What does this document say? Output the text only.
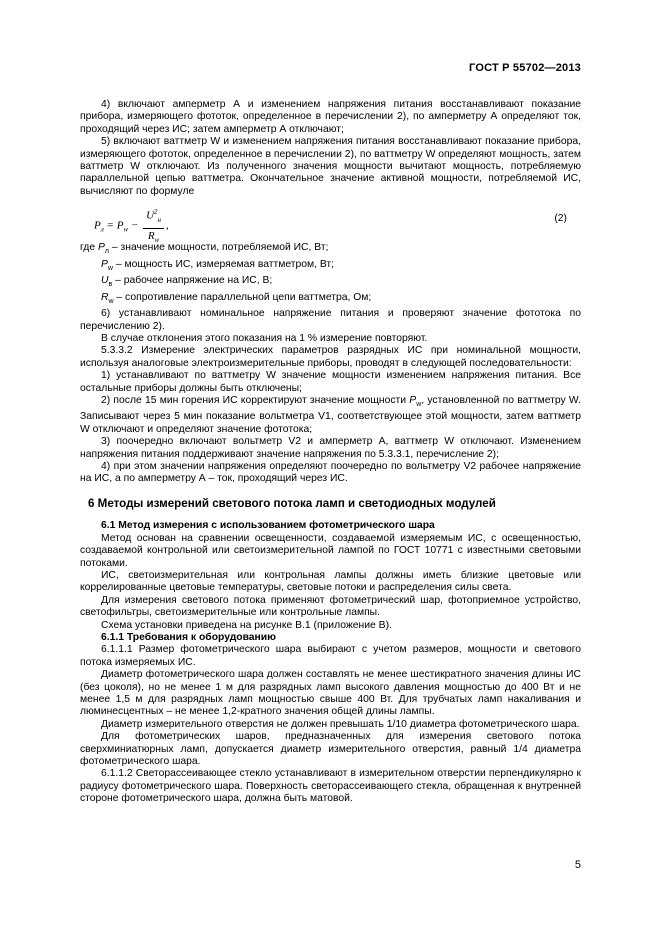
ГОСТ Р 55702—2013

4) включают амперметр А и изменением напряжения питания восстанавливают показание прибора, измеряющего фототок, определенное в перечислении 2), по амперметру А определяют ток, проходящий через ИС; затем амперметр А отключают;

5) включают ваттметр W и изменением напряжения питания восстанавливают показание прибора, измеряющего фототок, определенное в перечислении 2), по ваттметру W определяют мощность, затем ваттметр W отключают. Из полученного значения мощности вычитают мощность, потребляемую параллельной цепью ваттметра. Окончательное значение активной мощности, потребляемой ИС, вычисляют по формуле

$P_л = P_w - \frac{U^2_н}{R_w}$ ,
(2)

где $P_л$ – значение мощности, потребляемой ИС, Вт;

$P_w$ – мощность ИС, измеряемая ваттметром, Вт;

$U_в$ – рабочее напряжение на ИС, В;

$R_w$ – сопротивление параллельной цепи ваттметра, Ом;

6) устанавливают номинальное напряжение питания и проверяют значение фототока по перечислению 2).

В случае отклонения этого показания на 1 % измерение повторяют.

5.3.3.2 Измерение электрических параметров разрядных ИС при номинальной мощности, используя аналоговые электроизмерительные приборы, проводят в следующей последовательности:

1) устанавливают по ваттметру W значение мощности изменением напряжения питания. Все остальные приборы должны быть отключены;

2) после 15 мин горения ИС корректируют значение мощности $P_w$, установленной по ваттметру W. Записывают через 5 мин показание вольтметра V1, соответствующее этой мощности, затем ваттметр W отключают и определяют значение фототока;

3) поочередно включают вольтметр V2 и амперметр А, ваттметр W отключают. Изменением напряжения питания поддерживают значение напряжения по 5.3.3.1, перечисление 2);

4) при этом значении напряжения определяют поочередно по вольтметру V2 рабочее напряжение на ИС, а по амперметру А – ток, проходящий через ИС.

6 Методы измерений светового потока ламп и светодиодных модулей

6.1 Метод измерения с использованием фотометрического шара

Метод основан на сравнении освещенности, создаваемой измеряемым ИС, с освещенностью, создаваемой контрольной или светоизмерительной лампой по ГОСТ 10771 с известными световыми потоками.

ИС, светоизмерительная или контрольная лампы должны иметь близкие цветовые или коррелированные цветовые температуры, световые потоки и распределения силы света.

Для измерения светового потока применяют фотометрический шар, фотоприемное устройство, светофильтры, светоизмерительные или контрольные лампы.

Схема установки приведена на рисунке В.1 (приложение В).

6.1.1 Требования к оборудованию

6.1.1.1 Размер фотометрического шара выбирают с учетом размеров, мощности и светового потока измеряемых ИС.

Диаметр фотометрического шара должен составлять не менее шестикратного значения длины ИС (без цоколя), но не менее 1 м для разрядных ламп высокого давления мощностью до 400 Вт и не менее 1,5 м для разрядных ламп мощностью свыше 400 Вт. Для трубчатых ламп накаливания и люминесцентных – не менее 1,2-кратного значения общей длины лампы.

Диаметр измерительного отверстия не должен превышать 1/10 диаметра фотометрического шара.

Для фотометрических шаров, предназначенных для измерения светового потока сверхминиатюрных ламп, допускается диаметр измерительного отверстия, равный 1/4 диаметра фотометрического шара.

6.1.1.2 Светорассеивающее стекло устанавливают в измерительном отверстии перпендикулярно к радиусу фотометрического шара. Поверхность светорассеивающего стекла, обращенная к внутренней стороне фотометрического шара, должна быть матовой.

5
